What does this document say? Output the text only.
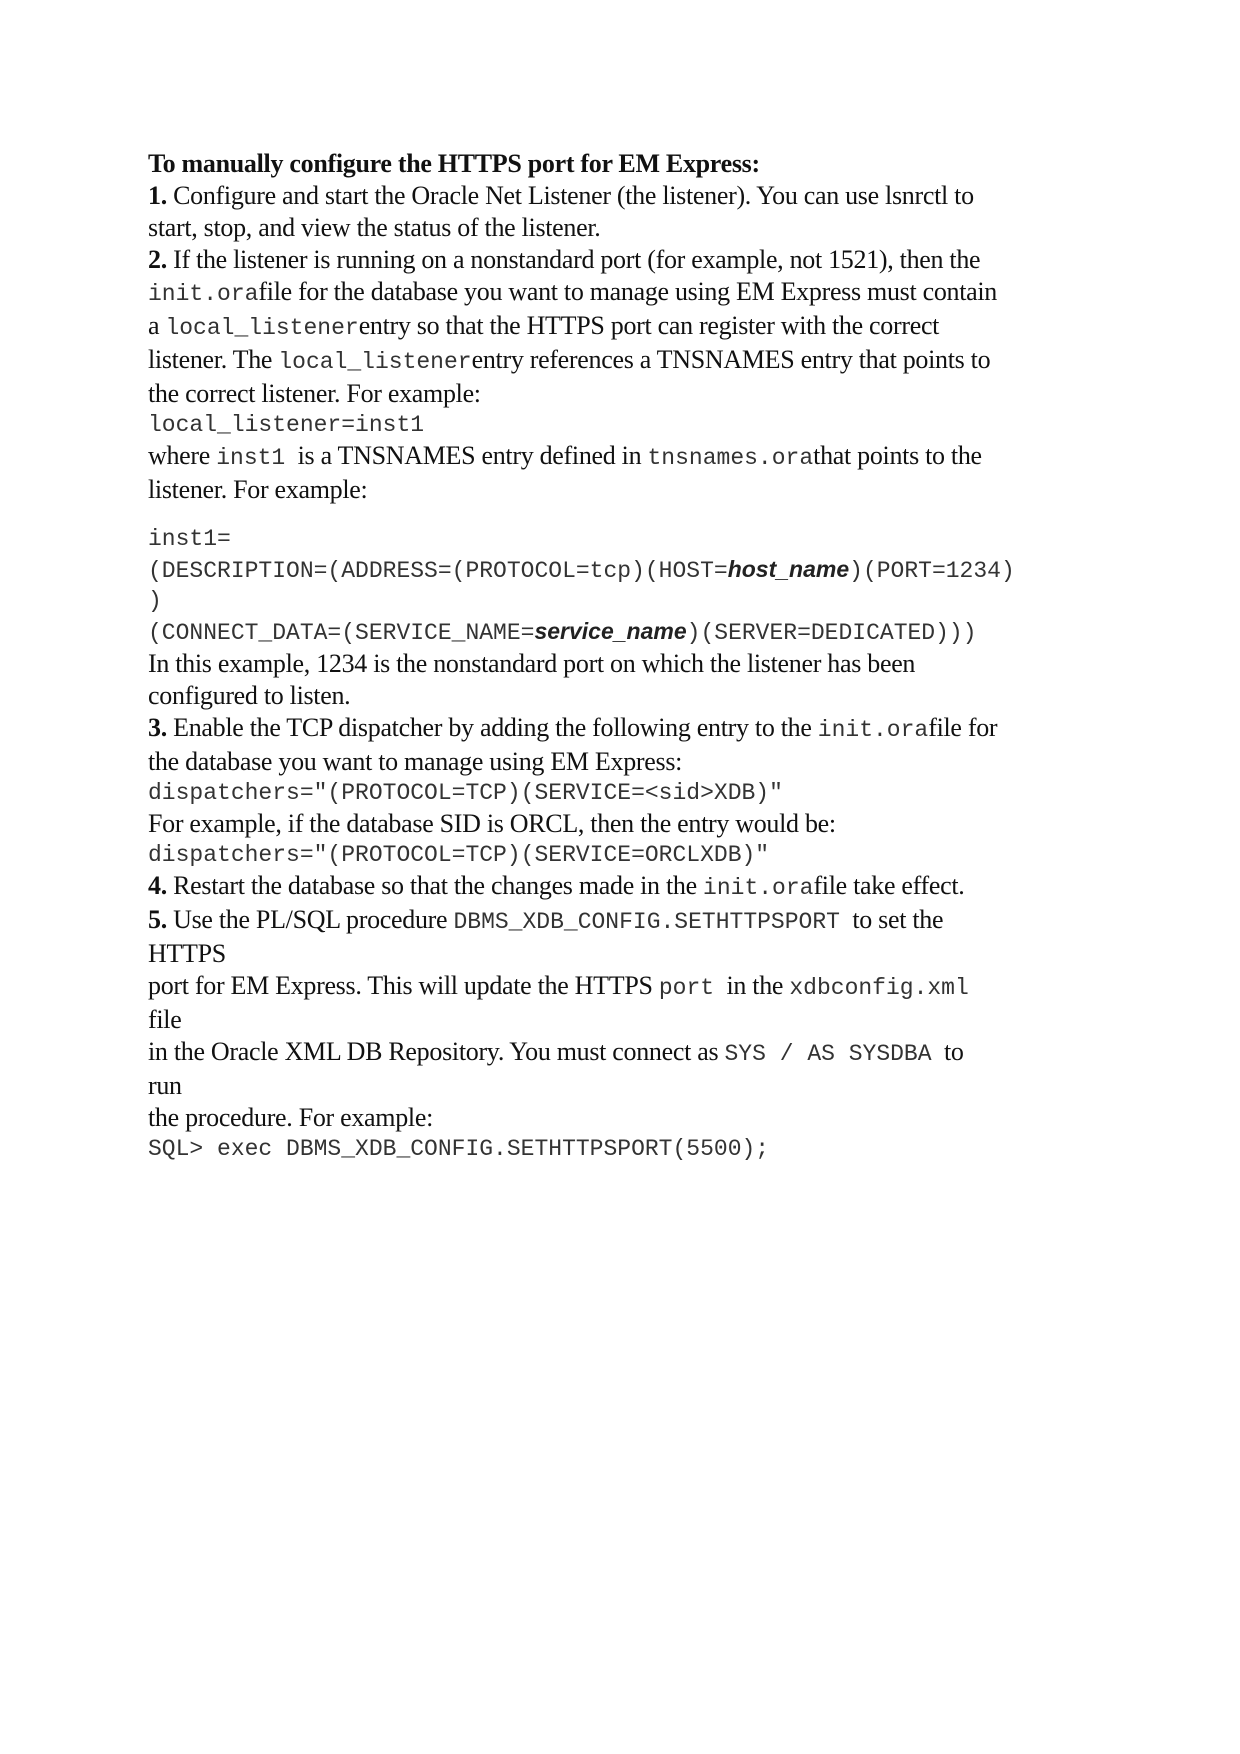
To manually configure the HTTPS port for EM Express:
1. Configure and start the Oracle Net Listener (the listener). You can use lsnrctl to
start, stop, and view the status of the listener.
2. If the listener is running on a nonstandard port (for example, not 1521), then the
init.orafile for the database you want to manage using EM Express must contain
a local_listenerentry so that the HTTPS port can register with the correct
listener. The local_listenerentry references a TNSNAMES entry that points to
the correct listener. For example:
local_listener=inst1
where inst1  is a TNSNAMES entry defined in tnsnames.orathat points to the
listener. For example:
inst1=
(DESCRIPTION=(ADDRESS=(PROTOCOL=tcp)(HOST=host_name)(PORT=1234)
)
(CONNECT_DATA=(SERVICE_NAME=service_name)(SERVER=DEDICATED)))
In this example, 1234 is the nonstandard port on which the listener has been
configured to listen.
3. Enable the TCP dispatcher by adding the following entry to the init.orafile for
the database you want to manage using EM Express:
dispatchers="(PROTOCOL=TCP)(SERVICE=<sid>XDB)"
For example, if the database SID is ORCL, then the entry would be:
dispatchers="(PROTOCOL=TCP)(SERVICE=ORCLXDB)"
4. Restart the database so that the changes made in the init.orafile take effect.
5. Use the PL/SQL procedure DBMS_XDB_CONFIG.SETHTTPSPORT  to set the
HTTPS
port for EM Express. This will update the HTTPS port  in the xdbconfig.xml
file
in the Oracle XML DB Repository. You must connect as SYS / AS SYSDBA  to
run
the procedure. For example:
SQL> exec DBMS_XDB_CONFIG.SETHTTPSPORT(5500);
